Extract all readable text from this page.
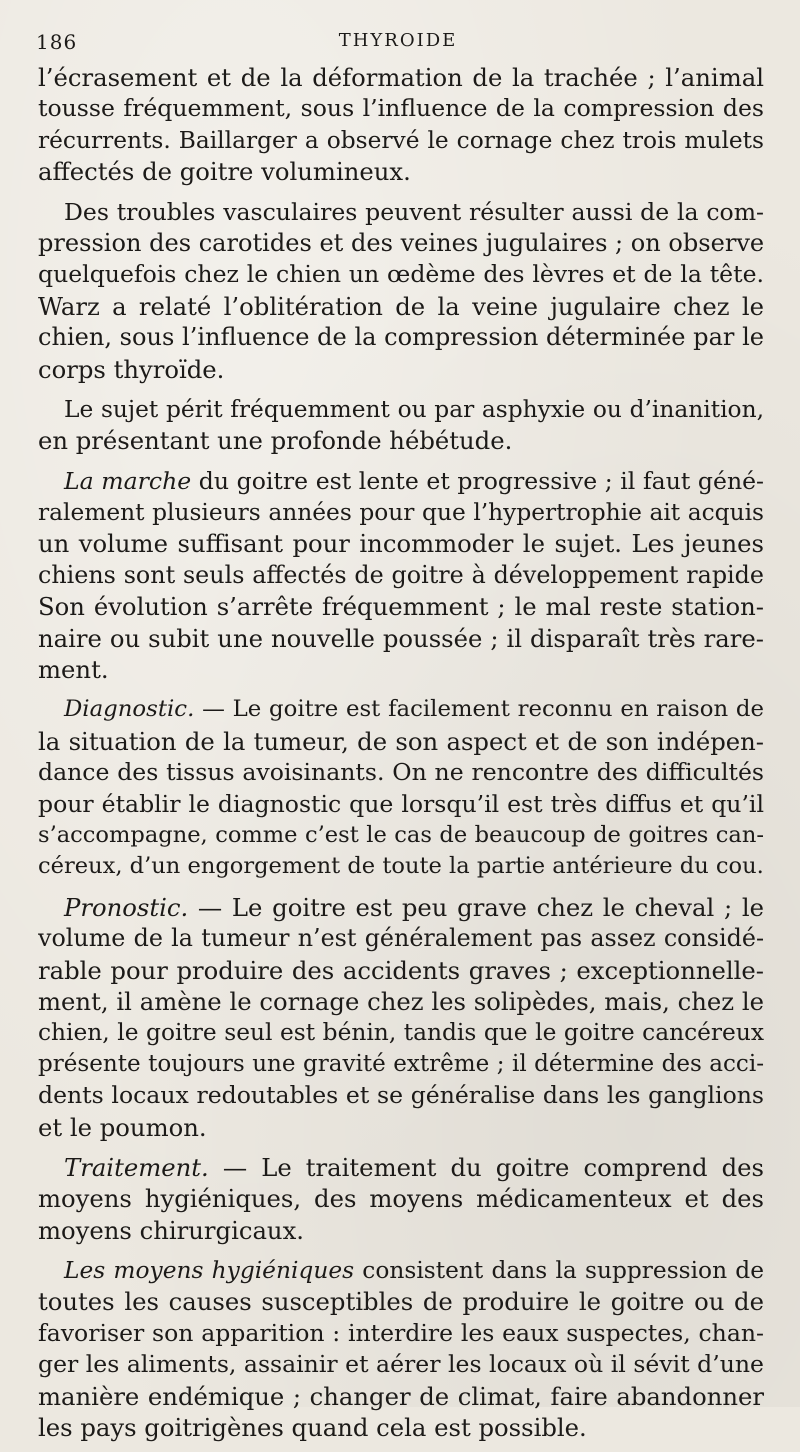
186	THYROIDE
l’écrasement et de la déformation de la trachée ; l’animal
tousse fréquemment, sous l’influence de la compression des
récurrents. Baillarger a observé le cornage chez trois mulets
affectés de goitre volumineux.
Des troubles vasculaires peuvent résulter aussi de la com-
pression des carotides et des veines jugulaires ; on observe
quelquefois chez le chien un œdème des lèvres et de la tête.
Warz a relaté l’oblitération de la veine jugulaire chez le
chien, sous l’influence de la compression déterminée par le
corps thyroïde.
Le sujet périt fréquemment ou par asphyxie ou d’inanition,
en présentant une profonde hébétude.
La marche du goitre est lente et progressive ; il faut géné-
ralement plusieurs années pour que l’hypertrophie ait acquis
un volume suffisant pour incommoder le sujet. Les jeunes
chiens sont seuls affectés de goitre à développement rapide
Son évolution s’arrête fréquemment ; le mal reste station-
naire ou subit une nouvelle poussée ; il disparaît très rare-
ment.
Diagnostic. — Le goitre est facilement reconnu en raison de
la situation de la tumeur, de son aspect et de son indépen-
dance des tissus avoisinants. On ne rencontre des difficultés
pour établir le diagnostic que lorsqu’il est très diffus et qu’il
s’accompagne, comme c’est le cas de beaucoup de goitres can-
céreux, d’un engorgement de toute la partie antérieure du cou.
Pronostic. — Le goitre est peu grave chez le cheval ; le
volume de la tumeur n’est généralement pas assez considé-
rable pour produire des accidents graves ; exceptionnelle-
ment, il amène le cornage chez les solipèdes, mais, chez le
chien, le goitre seul est bénin, tandis que le goitre cancéreux
présente toujours une gravité extrême ; il détermine des acci-
dents locaux redoutables et se généralise dans les ganglions
et le poumon.
Traitement. — Le traitement du goitre comprend des
moyens hygiéniques, des moyens médicamenteux et des
moyens chirurgicaux.
Les moyens hygiéniques consistent dans la suppression de
toutes les causes susceptibles de produire le goitre ou de
favoriser son apparition : interdire les eaux suspectes, chan-
ger les aliments, assainir et aérer les locaux où il sévit d’une
manière endémique ; changer de climat, faire abandonner
les pays goitrigènes quand cela est possible.
